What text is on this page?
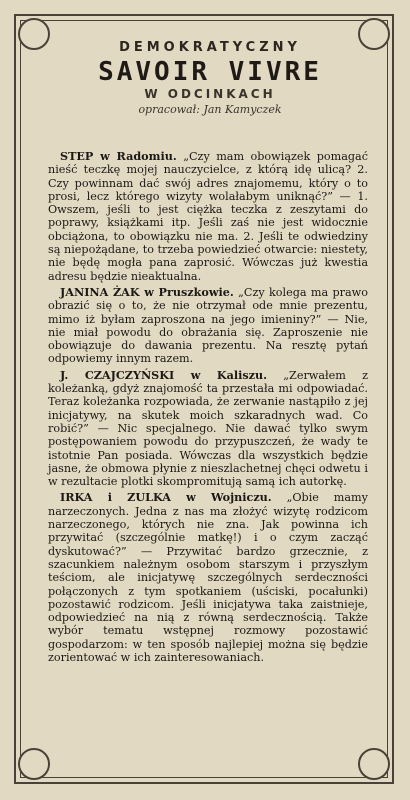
DEMOKRATYCZNY
SAVOIR VIVRE
W ODCINKACH
opracował: Jan Kamyczek

STEP w Radomiu. „Czy mam obowiązek pomagać nieść teczkę mojej nauczycielce, z którą idę ulicą? 2. Czy powinnam dać swój adres znajomemu, który o to prosi, lecz którego wizyty wolałabym uniknąć?” — 1. Owszem, jeśli to jest ciężka teczka z zeszytami do poprawy, książkami itp. Jeśli zaś nie jest widocznie obciążona, to obowiązku nie ma. 2. Jeśli te odwiedziny są niepożądane, to trzeba powiedzieć otwarcie: niestety, nie będę mogła pana zaprosić. Wówczas już kwestia adresu będzie nieaktualna.

JANINA ŻAK w Pruszkowie. „Czy kolega ma prawo obrazić się o to, że nie otrzymał ode mnie prezentu, mimo iż byłam zaproszona na jego imieniny?” — Nie, nie miał powodu do obrażania się. Zaproszenie nie obowiązuje do dawania prezentu. Na resztę pytań odpowiemy innym razem.

J. CZAJCZYŃSKI w Kaliszu. „Zerwałem z koleżanką, gdyż znajomość ta przestała mi odpowiadać. Teraz koleżanka rozpowiada, że zerwanie nastąpiło z jej inicjatywy, na skutek moich szkaradnych wad. Co robić?” — Nic specjalnego. Nie dawać tylko swym postępowaniem powodu do przypuszczeń, że wady te istotnie Pan posiada. Wówczas dla wszystkich będzie jasne, że obmowa płynie z nieszlachetnej chęci odwetu i w rezultacie plotki skompromitują samą ich autorkę.

IRKA i ZULKA w Wojniczu. „Obie mamy narzeczonych. Jedna z nas ma złożyć wizytę rodzicom narzeczonego, których nie zna. Jak powinna ich przywitać (szczególnie matkę!) i o czym zacząć dyskutować?” — Przywitać bardzo grzecznie, z szacunkiem należnym osobom starszym i przyszłym teściom, ale inicjatywę szczególnych serdeczności połączonych z tym spotkaniem (uściski, pocałunki) pozostawić rodzicom. Jeśli inicjatywa taka zaistnieje, odpowiedzieć na nią z równą serdecznością. Także wybór tematu wstępnej rozmowy pozostawić gospodarzom: w ten sposób najlepiej można się będzie zorientować w ich zainteresowaniach.
